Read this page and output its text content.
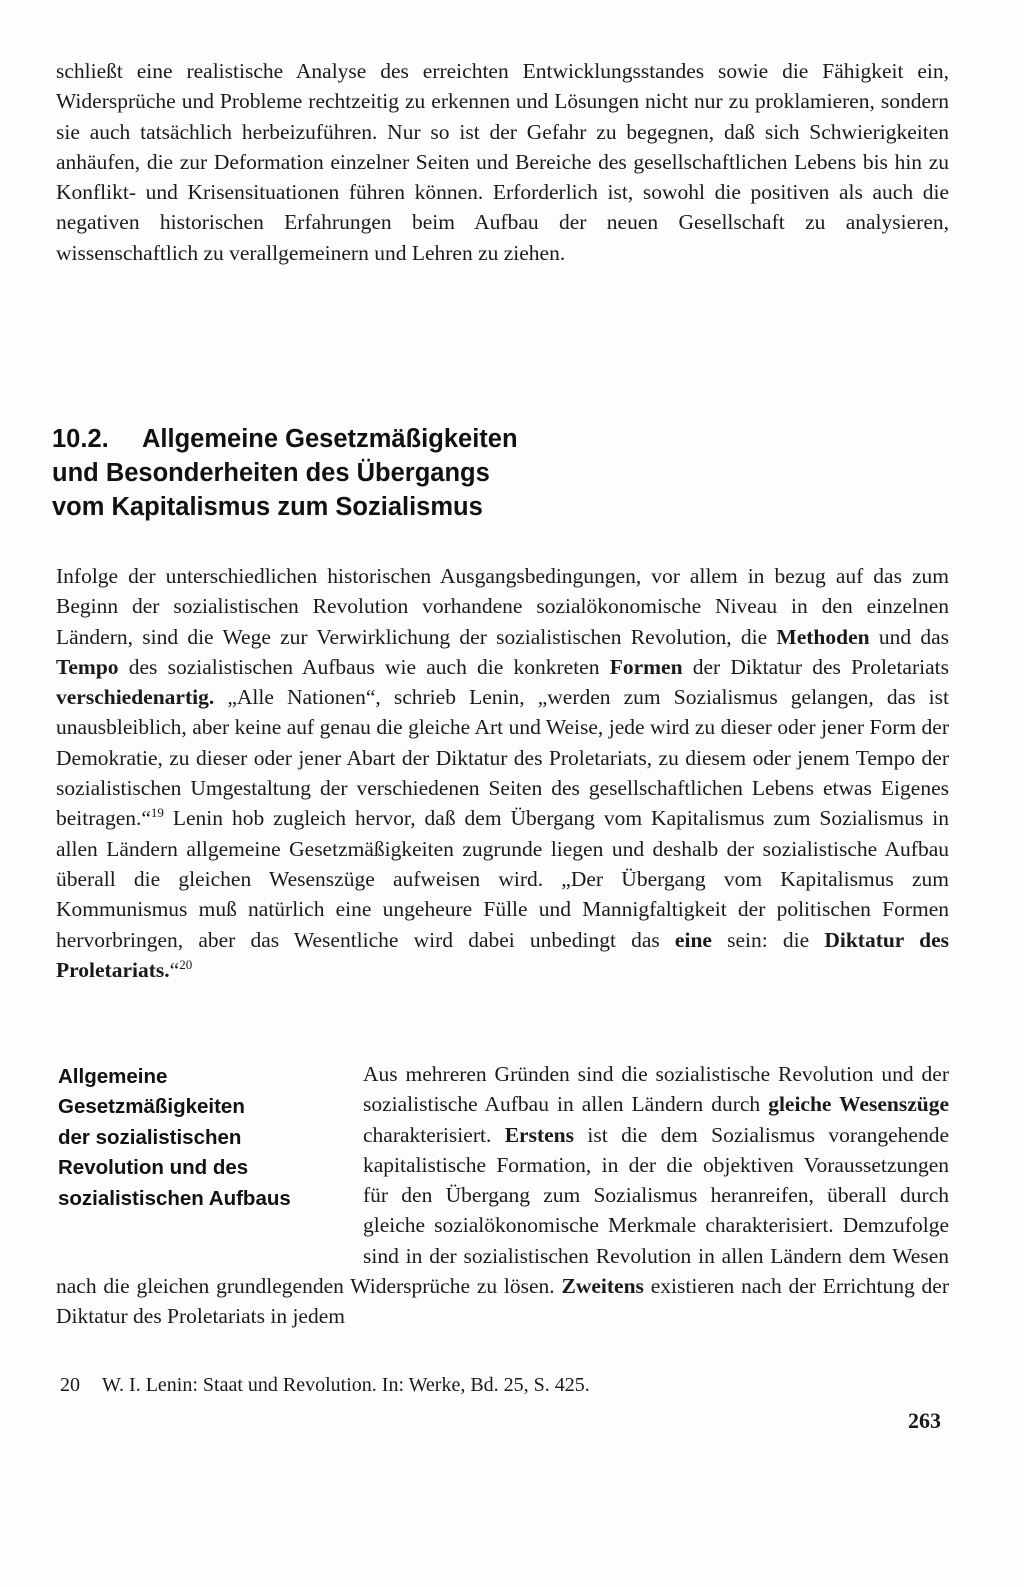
schließt eine realistische Analyse des erreichten Entwicklungsstandes sowie die Fähigkeit ein, Widersprüche und Probleme rechtzeitig zu erkennen und Lösungen nicht nur zu proklamieren, sondern sie auch tatsächlich herbeizuführen. Nur so ist der Gefahr zu begegnen, daß sich Schwierigkeiten anhäufen, die zur Deformation einzelner Seiten und Bereiche des gesellschaftlichen Lebens bis hin zu Konflikt- und Krisensituationen führen können. Erforderlich ist, sowohl die positiven als auch die negativen historischen Erfahrungen beim Aufbau der neuen Gesellschaft zu analysieren, wissenschaftlich zu verallgemeinern und Lehren zu ziehen.

10.2. Allgemeine Gesetzmäßigkeiten
und Besonderheiten des Übergangs
vom Kapitalismus zum Sozialismus

Infolge der unterschiedlichen historischen Ausgangsbedingungen, vor allem in bezug auf das zum Beginn der sozialistischen Revolution vorhandene sozialökonomische Niveau in den einzelnen Ländern, sind die Wege zur Verwirklichung der sozialistischen Revolution, die Methoden und das Tempo des sozialistischen Aufbaus wie auch die konkreten Formen der Diktatur des Proletariats verschiedenartig. „Alle Nationen“, schrieb Lenin, „werden zum Sozialismus gelangen, das ist unausbleiblich, aber keine auf genau die gleiche Art und Weise, jede wird zu dieser oder jener Form der Demokratie, zu dieser oder jener Abart der Diktatur des Proletariats, zu diesem oder jenem Tempo der sozialistischen Umgestaltung der verschiedenen Seiten des gesellschaftlichen Lebens etwas Eigenes beitragen.“$^{19}$ Lenin hob zugleich hervor, daß dem Übergang vom Kapitalismus zum Sozialismus in allen Ländern allgemeine Gesetzmäßigkeiten zugrunde liegen und deshalb der sozialistische Aufbau überall die gleichen Wesenszüge aufweisen wird. „Der Übergang vom Kapitalismus zum Kommunismus muß natürlich eine ungeheure Fülle und Mannigfaltigkeit der politischen Formen hervorbringen, aber das Wesentliche wird dabei unbedingt das eine sein: die Diktatur des Proletariats.“$^{20}$

Allgemeine
Gesetzmäßigkeiten
der sozialistischen
Revolution und des
sozialistischen Aufbaus

Aus mehreren Gründen sind die sozialistische Revolution und der sozialistische Aufbau in allen Ländern durch gleiche Wesenszüge charakterisiert. Erstens ist die dem Sozialismus vorangehende kapitalistische Formation, in der die objektiven Voraussetzungen für den Übergang zum Sozialismus heranreifen, überall durch gleiche sozialökonomische Merkmale charakterisiert. Demzufolge sind in der sozialistischen Revolution in allen Ländern dem Wesen nach die gleichen grundlegenden Widersprüche zu lösen. Zweitens existieren nach der Errichtung der Diktatur des Proletariats in jedem

20 W. I. Lenin: Staat und Revolution. In: Werke, Bd. 25, S. 425.

263
